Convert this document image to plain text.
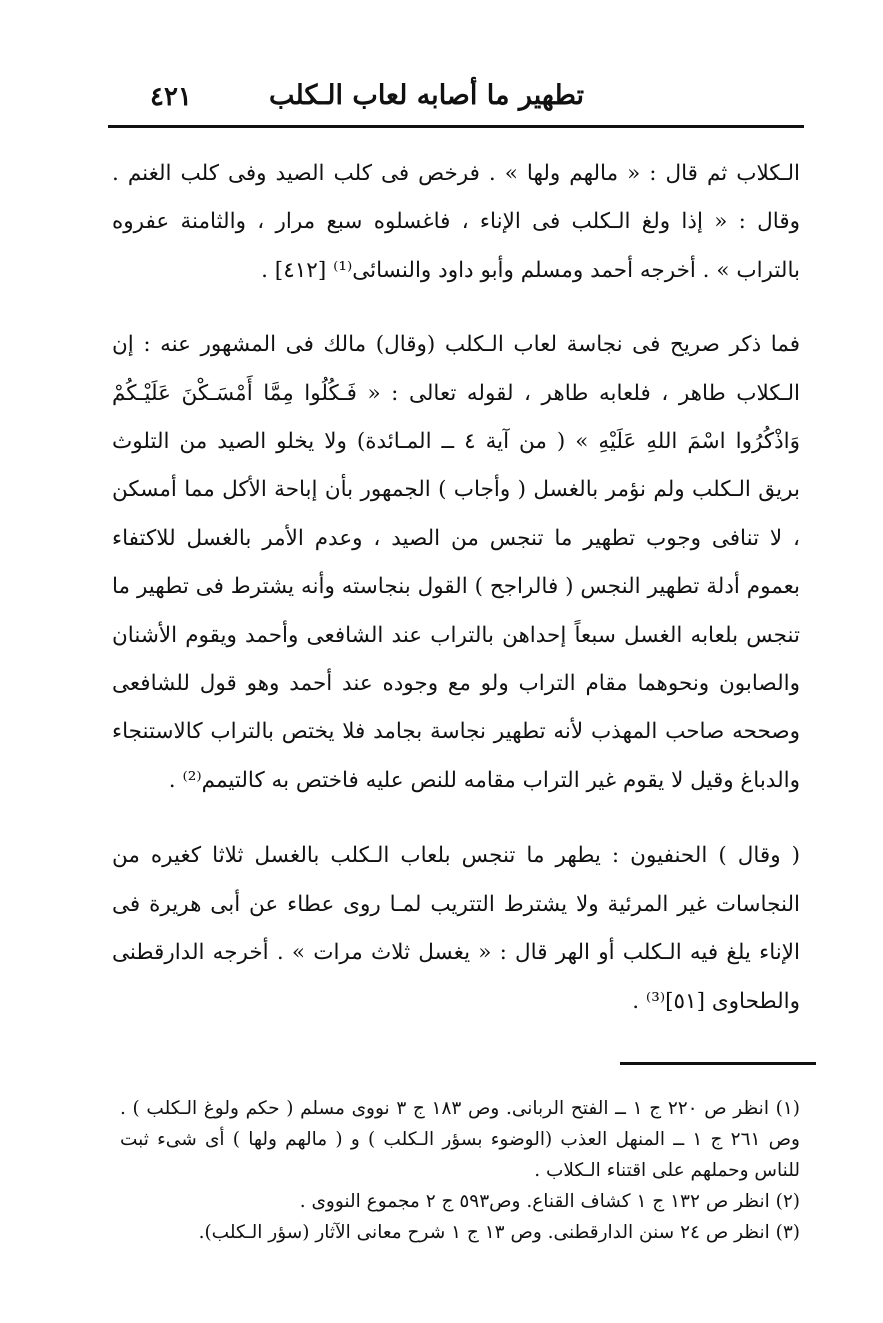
تطهير ما أصابه لعاب الـكلب
٤٢١

الـكلاب ثم قال : « مالهم ولها » . فرخص فى كلب الصيد وفى كلب الغنم . وقال : « إذا ولغ الـكلب فى الإناء ، فاغسلوه سبع مرار ، والثامنة عفروه بالتراب » . أخرجه أحمد ومسلم وأبو داود والنسائى⁽¹⁾ [٤١٢] .

فما ذكر صريح فى نجاسة لعاب الـكلب (وقال) مالك فى المشهور عنه : إن الـكلاب طاهر ، فلعابه طاهر ، لقوله تعالى : « فَـكُلُوا مِمَّا أَمْسَـكْنَ عَلَيْـكُمْ وَاذْكُرُوا اسْمَ اللهِ عَلَيْهِ » ( من آية ٤ ــ المـائدة) ولا يخلو الصيد من التلوث بريق الـكلب ولم نؤمر بالغسل ( وأجاب ) الجمهور بأن إباحة الأكل مما أمسكن ، لا تنافى وجوب تطهير ما تنجس من الصيد ، وعدم الأمر بالغسل للاكتفاء بعموم أدلة تطهير النجس ( فالراجح ) القول بنجاسته وأنه يشترط فى تطهير ما تنجس بلعابه الغسل سبعاً إحداهن بالتراب عند الشافعى وأحمد ويقوم الأشنان والصابون ونحوهما مقام التراب ولو مع وجوده عند أحمد وهو قول للشافعى وصححه صاحب المهذب لأنه تطهير نجاسة بجامد فلا يختص بالتراب كالاستنجاء والدباغ وقيل لا يقوم غير التراب مقامه للنص عليه فاختص به كالتيمم⁽²⁾ .

( وقال ) الحنفيون : يطهر ما تنجس بلعاب الـكلب بالغسل ثلاثا كغيره من النجاسات غير المرئية ولا يشترط التتريب لمـا روى عطاء عن أبى هريرة فى الإناء يلغ فيه الـكلب أو الهر قال : « يغسل ثلاث مرات » . أخرجه الدارقطنى والطحاوى [٥١]⁽³⁾ .

(١) انظر ص ٢٢٠ ج ١ ــ الفتح الربانى. وص ١٨٣ ج ٣ نووى مسلم ( حكم ولوغ الـكلب ) . وص ٢٦١ ج ١ ــ المنهل العذب (الوضوء بسؤر الـكلب ) و ( مالهم ولها ) أى شىء ثبت للناس وحملهم على اقتناء الـكلاب .

(٢) انظر ص ١٣٢ ج ١ كشاف القناع. وص٥٩٣ ج ٢ مجموع النووى .

(٣) انظر ص ٢٤ سنن الدارقطنى. وص ١٣ ج ١ شرح معانى الآثار (سؤر الـكلب).
